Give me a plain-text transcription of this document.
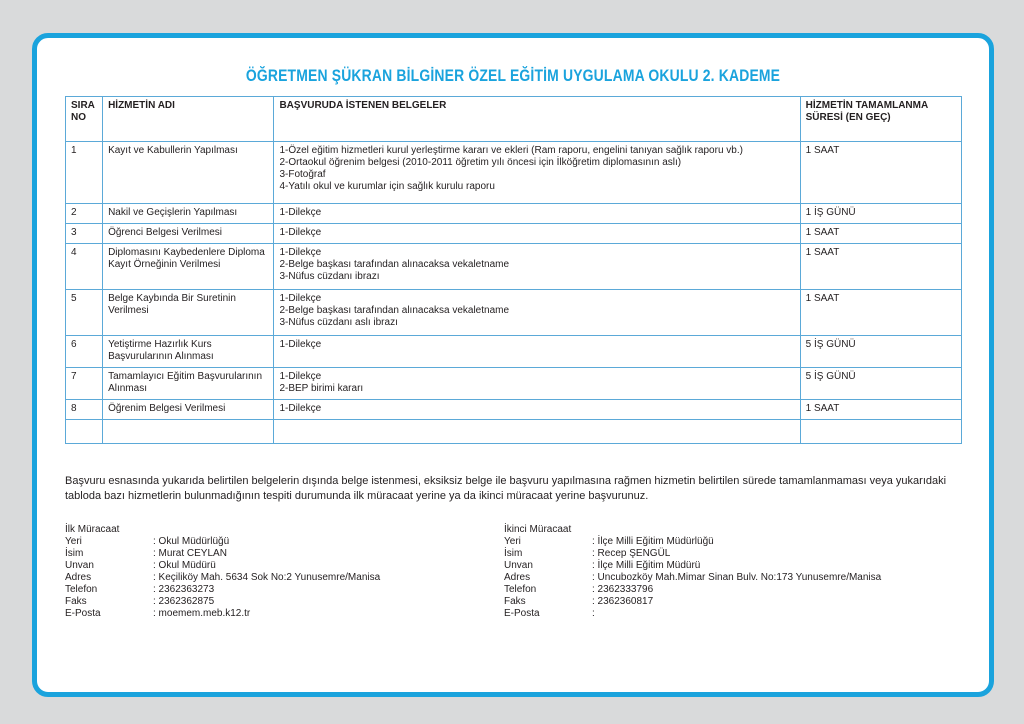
ÖĞRETMEN ŞÜKRAN BİLGİNER ÖZEL EĞİTİM UYGULAMA OKULU 2. KADEME
SIRA NO	HİZMETİN ADI	BAŞVURUDA İSTENEN BELGELER	HİZMETİN TAMAMLANMA SÜRESİ (EN GEÇ)
1	Kayıt ve Kabullerin Yapılması	1-Özel eğitim hizmetleri kurul yerleştirme kararı ve ekleri (Ram raporu, engelini tanıyan sağlık raporu vb.)
2-Ortaokul öğrenim belgesi (2010-2011 öğretim yılı öncesi için İlköğretim diplomasının aslı)
3-Fotoğraf
4-Yatılı okul ve kurumlar için sağlık kurulu raporu	1 SAAT
2	Nakil ve Geçişlerin Yapılması	1-Dilekçe	1 İŞ GÜNÜ
3	Öğrenci Belgesi Verilmesi	1-Dilekçe	1 SAAT
4	Diplomasını Kaybedenlere Diploma Kayıt Örneğinin Verilmesi	1-Dilekçe
2-Belge başkası tarafından alınacaksa vekaletname
3-Nüfus cüzdanı ibrazı	1 SAAT
5	Belge Kaybında Bir Suretinin Verilmesi	1-Dilekçe
2-Belge başkası tarafından alınacaksa vekaletname
3-Nüfus cüzdanı aslı ibrazı	1 SAAT
6	Yetiştirme Hazırlık Kurs Başvurularının Alınması	1-Dilekçe	5 İŞ GÜNÜ
7	Tamamlayıcı Eğitim Başvurularının Alınması	1-Dilekçe
2-BEP birimi kararı	5 İŞ GÜNÜ
8	Öğrenim Belgesi Verilmesi	1-Dilekçe	1 SAAT

Başvuru esnasında yukarıda belirtilen belgelerin dışında belge istenmesi, eksiksiz belge ile başvuru yapılmasına rağmen hizmetin belirtilen sürede tamamlanmaması veya yukarıdaki tabloda bazı hizmetlerin bulunmadığının tespiti durumunda ilk müracaat yerine ya da ikinci müracaat yerine başvurunuz.
İlk Müracaat
Yeri	: Okul Müdürlüğü
İsim	: Murat CEYLAN
Unvan	: Okul Müdürü
Adres	: Keçiliköy Mah. 5634 Sok No:2 Yunusemre/Manisa
Telefon	: 2362363273
Faks	: 2362362875
E-Posta	: moemem.meb.k12.tr
İkinci Müracaat
Yeri	: İlçe Milli Eğitim Müdürlüğü
İsim	: Recep ŞENGÜL
Unvan	: İlçe Milli Eğitim Müdürü
Adres	: Uncubozköy Mah.Mimar Sinan Bulv. No:173 Yunusemre/Manisa
Telefon	: 2362333796
Faks	: 2362360817
E-Posta	:
